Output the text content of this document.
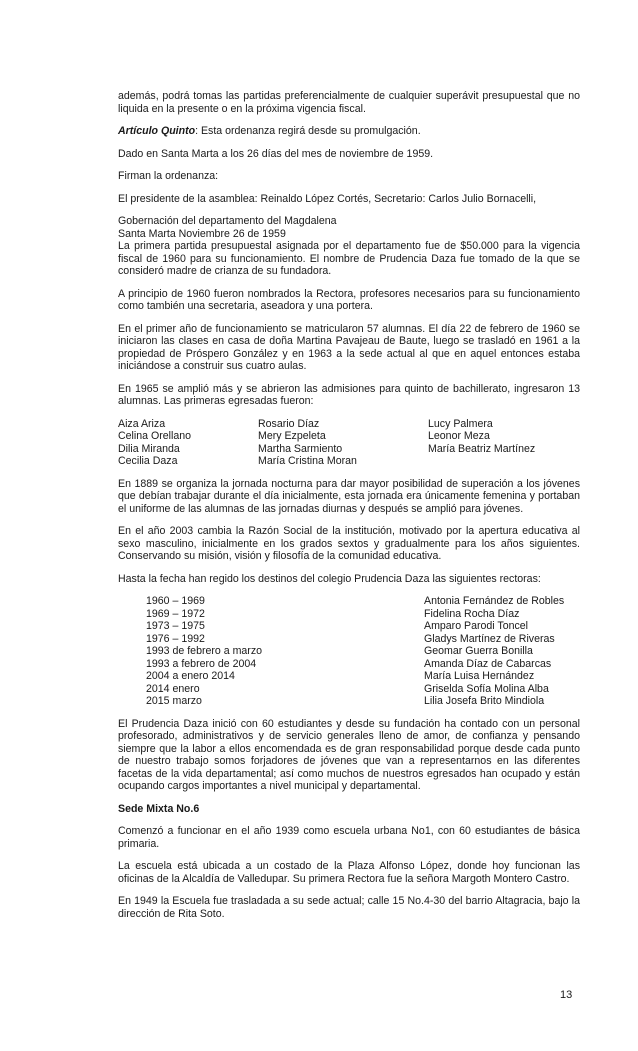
además, podrá tomas las partidas preferencialmente de cualquier superávit presupuestal que no liquida en la presente o en la próxima vigencia fiscal.

Artículo Quinto: Esta ordenanza regirá desde su promulgación.

Dado en Santa Marta a los 26 días del mes de noviembre de 1959.

Firman la ordenanza:

El presidente de la asamblea: Reinaldo López Cortés, Secretario: Carlos Julio Bornacelli,

Gobernación del departamento del Magdalena
Santa Marta Noviembre 26 de 1959

La primera partida presupuestal asignada por el departamento fue de $50.000 para la vigencia fiscal de 1960 para su funcionamiento. El nombre de Prudencia Daza fue tomado de la que se consideró madre de crianza de su fundadora.

A principio de 1960 fueron nombrados la Rectora, profesores necesarios para su funcionamiento como también una secretaria, aseadora y una portera.

En el primer año de funcionamiento se matricularon 57 alumnas. El día 22 de febrero de 1960 se iniciaron las clases en casa de doña Martina Pavajeau de Baute, luego se trasladó en 1961 a la propiedad de Próspero González y en 1963 a la sede actual al que en aquel entonces estaba iniciándose a construir sus cuatro aulas.

En 1965 se amplió más y se abrieron las admisiones para quinto de bachillerato, ingresaron 13 alumnas. Las primeras egresadas fueron:

Aiza Ariza	Rosario Díaz	Lucy Palmera
Celina Orellano	Mery Ezpeleta	Leonor Meza
Dilia Miranda	Martha Sarmiento	María Beatriz Martínez
Cecilia Daza	María Cristina Moran

En 1889 se organiza la jornada nocturna para dar mayor posibilidad de superación a los jóvenes que debían trabajar durante el día inicialmente, esta jornada era únicamente femenina y portaban el uniforme de las alumnas de las jornadas diurnas y después se amplió para jóvenes.

En el año 2003 cambia la Razón Social de la institución, motivado por la apertura educativa al sexo masculino, inicialmente en los grados sextos y gradualmente para los años siguientes. Conservando su misión, visión y filosofía de la comunidad educativa.

Hasta la fecha han regido los destinos del colegio Prudencia Daza las siguientes rectoras:

1960 – 1969	Antonia Fernández de Robles
1969 – 1972	Fidelina Rocha Díaz
1973 – 1975	Amparo Parodi Toncel
1976 – 1992	Gladys Martínez de Riveras
1993 de febrero a marzo	Geomar Guerra Bonilla
1993 a febrero de 2004	Amanda Díaz de Cabarcas
2004 a enero 2014	María Luisa Hernández
2014 enero	Griselda Sofía Molina Alba
2015 marzo	Lilia Josefa Brito Mindiola

El Prudencia Daza inició con 60 estudiantes y desde su fundación ha contado con un personal profesorado, administrativos y de servicio generales lleno de amor, de confianza y pensando siempre que la labor a ellos encomendada es de gran responsabilidad porque desde cada punto de nuestro trabajo somos forjadores de jóvenes que van a representarnos en las diferentes facetas de la vida departamental; así como muchos de nuestros egresados han ocupado y están ocupando cargos importantes a nivel municipal y departamental.

Sede Mixta No.6

Comenzó a funcionar en el año 1939 como escuela urbana No1, con 60 estudiantes de básica primaria.

La escuela está ubicada a un costado de la Plaza Alfonso López, donde hoy funcionan las oficinas de la Alcaldía de Valledupar. Su primera Rectora fue la señora Margoth Montero Castro.

En 1949 la Escuela fue trasladada a su sede actual; calle 15 No.4-30 del barrio Altagracia, bajo la dirección de Rita Soto.

13
